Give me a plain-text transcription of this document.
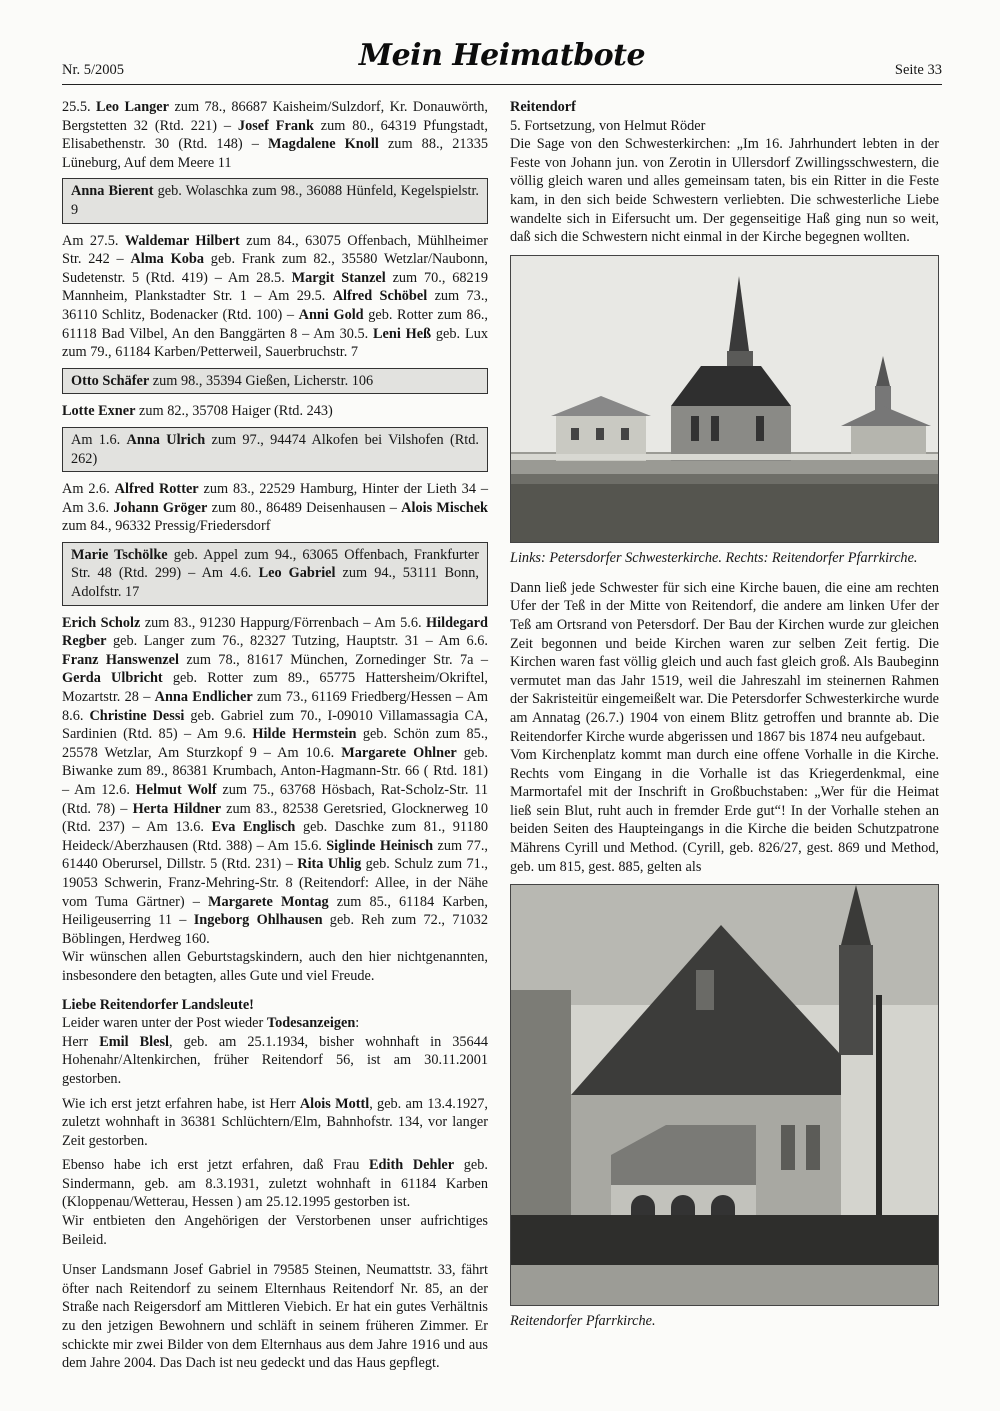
Nr. 5/2005	Mein Heimatbote	Seite 33

25.5. Leo Langer zum 78., 86687 Kaisheim/Sulzdorf, Kr. Donauwörth, Bergstetten 32 (Rtd. 221) – Josef Frank zum 80., 64319 Pfungstadt, Elisabethenstr. 30 (Rtd. 148) – Magdalene Knoll zum 88., 21335 Lüneburg, Auf dem Meere 11

Anna Bierent geb. Wolaschka zum 98., 36088 Hünfeld, Kegelspielstr. 9

Am 27.5. Waldemar Hilbert zum 84., 63075 Offenbach, Mühlheimer Str. 242 – Alma Koba geb. Frank zum 82., 35580 Wetzlar/Naubonn, Sudetenstr. 5 (Rtd. 419) – Am 28.5. Margit Stanzel zum 70., 68219 Mannheim, Plankstadter Str. 1 – Am 29.5. Alfred Schöbel zum 73., 36110 Schlitz, Bodenacker (Rtd. 100) – Anni Gold geb. Rotter zum 86., 61118 Bad Vilbel, An den Banggärten 8 – Am 30.5. Leni Heß geb. Lux zum 79., 61184 Karben/Petterweil, Sauerbruchstr. 7

Otto Schäfer zum 98., 35394 Gießen, Licherstr. 106

Lotte Exner zum 82., 35708 Haiger (Rtd. 243)

Am 1.6. Anna Ulrich zum 97., 94474 Alkofen bei Vilshofen (Rtd. 262)

Am 2.6. Alfred Rotter zum 83., 22529 Hamburg, Hinter der Lieth 34 – Am 3.6. Johann Gröger zum 80., 86489 Deisenhausen – Alois Mischek zum 84., 96332 Pressig/Friedersdorf

Marie Tschölke geb. Appel zum 94., 63065 Offenbach, Frankfurter Str. 48 (Rtd. 299) – Am 4.6. Leo Gabriel zum 94., 53111 Bonn, Adolfstr. 17

Erich Scholz zum 83., 91230 Happurg/Förrenbach – Am 5.6. Hildegard Regber geb. Langer zum 76., 82327 Tutzing, Hauptstr. 31 – Am 6.6. Franz Hanswenzel zum 78., 81617 München, Zornedinger Str. 7a – Gerda Ulbricht geb. Rotter zum 89., 65775 Hattersheim/Okriftel, Mozartstr. 28 – Anna Endlicher zum 73., 61169 Friedberg/Hessen – Am 8.6. Christine Dessi geb. Gabriel zum 70., I-09010 Villamassagia CA, Sardinien (Rtd. 85) – Am 9.6. Hilde Hermstein geb. Schön zum 85., 25578 Wetzlar, Am Sturzkopf 9 – Am 10.6. Margarete Ohlner geb. Biwanke zum 89., 86381 Krumbach, Anton-Hagmann-Str. 66 ( Rtd. 181) – Am 12.6. Helmut Wolf zum 75., 63768 Hösbach, Rat-Scholz-Str. 11 (Rtd. 78) – Herta Hildner zum 83., 82538 Geretsried, Glocknerweg 10 (Rtd. 237) – Am 13.6. Eva Englisch geb. Daschke zum 81., 91180 Heideck/Aberzhausen (Rtd. 388) – Am 15.6. Siglinde Heinisch zum 77., 61440 Oberursel, Dillstr. 5 (Rtd. 231) – Rita Uhlig geb. Schulz zum 71., 19053 Schwerin, Franz-Mehring-Str. 8 (Reitendorf: Allee, in der Nähe vom Tuma Gärtner) – Margarete Montag zum 85., 61184 Karben, Heiligeuserring 11 – Ingeborg Ohlhausen geb. Reh zum 72., 71032 Böblingen, Herdweg 160.

Wir wünschen allen Geburtstagskindern, auch den hier nichtgenannten, insbesondere den betagten, alles Gute und viel Freude.

Liebe Reitendorfer Landsleute!

Leider waren unter der Post wieder Todesanzeigen:

Herr Emil Blesl, geb. am 25.1.1934, bisher wohnhaft in 35644 Hohenahr/Altenkirchen, früher Reitendorf 56, ist am 30.11.2001 gestorben.

Wie ich erst jetzt erfahren habe, ist Herr Alois Mottl, geb. am 13.4.1927, zuletzt wohnhaft in 36381 Schlüchtern/Elm, Bahnhofstr. 134, vor langer Zeit gestorben.

Ebenso habe ich erst jetzt erfahren, daß Frau Edith Dehler geb. Sindermann, geb. am 8.3.1931, zuletzt wohnhaft in 61184 Karben (Kloppenau/Wetterau, Hessen ) am 25.12.1995 gestorben ist.

Wir entbieten den Angehörigen der Verstorbenen unser aufrichtiges Beileid.

Unser Landsmann Josef Gabriel in 79585 Steinen, Neumattstr. 33, fährt öfter nach Reitendorf zu seinem Elternhaus Reitendorf Nr. 85, an der Straße nach Reigersdorf am Mittleren Viebich. Er hat ein gutes Verhältnis zu den jetzigen Bewohnern und schläft in seinem früheren Zimmer. Er schickte mir zwei Bilder von dem Elternhaus aus dem Jahre 1916 und aus dem Jahre 2004. Das Dach ist neu gedeckt und das Haus gepflegt.

Reitendorf
5. Fortsetzung, von Helmut Röder

Die Sage von den Schwesterkirchen: „Im 16. Jahrhundert lebten in der Feste von Johann jun. von Zerotin in Ullersdorf Zwillingsschwestern, die völlig gleich waren und alles gemeinsam taten, bis ein Ritter in die Feste kam, in den sich beide Schwestern verliebten. Die schwesterliche Liebe wandelte sich in Eifersucht um. Der gegenseitige Haß ging nun so weit, daß sich die Schwestern nicht einmal in der Kirche begegnen wollten.

Links: Petersdorfer Schwesterkirche. Rechts: Reitendorfer Pfarrkirche.

Dann ließ jede Schwester für sich eine Kirche bauen, die eine am rechten Ufer der Teß in der Mitte von Reitendorf, die andere am linken Ufer der Teß am Ortsrand von Petersdorf. Der Bau der Kirchen wurde zur gleichen Zeit begonnen und beide Kirchen waren zur selben Zeit fertig. Die Kirchen waren fast völlig gleich und auch fast gleich groß. Als Baubeginn vermutet man das Jahr 1519, weil die Jahreszahl im steinernen Rahmen der Sakristeitür eingemeißelt war. Die Petersdorfer Schwesterkirche wurde am Annatag (26.7.) 1904 von einem Blitz getroffen und brannte ab. Die Reitendorfer Kirche wurde abgerissen und 1867 bis 1874 neu aufgebaut.

Vom Kirchenplatz kommt man durch eine offene Vorhalle in die Kirche. Rechts vom Eingang in die Vorhalle ist das Kriegerdenkmal, eine Marmortafel mit der Inschrift in Großbuchstaben: „Wer für die Heimat ließ sein Blut, ruht auch in fremder Erde gut“! In der Vorhalle stehen an beiden Seiten des Haupteingangs in die Kirche die beiden Schutzpatrone Mährens Cyrill und Method. (Cyrill, geb. 826/27, gest. 869 und Method, geb. um 815, gest. 885, gelten als

Reitendorfer Pfarrkirche.
